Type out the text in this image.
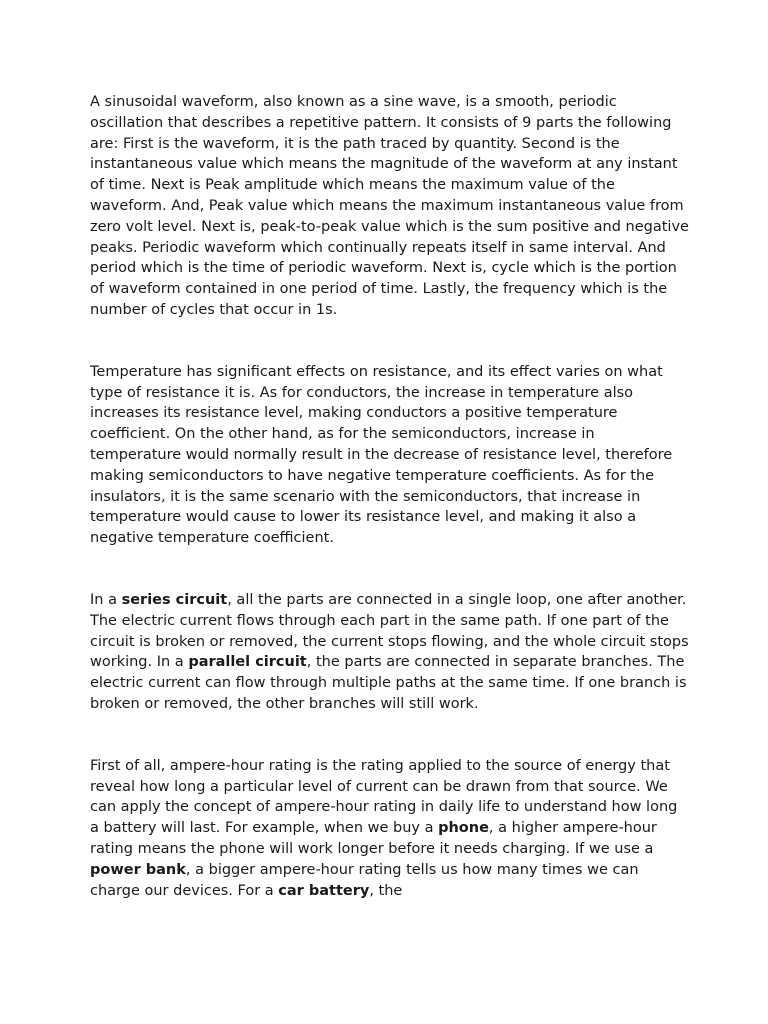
A sinusoidal waveform, also known as a sine wave, is a smooth, periodic oscillation that describes a repetitive pattern. It consists of 9 parts the following are: First is the waveform, it is the path traced by quantity. Second is the instantaneous value which means the magnitude of the waveform at any instant of time. Next is Peak amplitude which means the maximum value of the waveform. And, Peak value which means the maximum instantaneous value from zero volt level. Next is, peak-to-peak value which is the sum positive and negative peaks. Periodic waveform which continually repeats itself in same interval. And period which is the time of periodic waveform. Next is, cycle which is the portion of waveform contained in one period of time. Lastly, the frequency which is the number of cycles that occur in 1s.

Temperature has significant effects on resistance, and its effect varies on what type of resistance it is. As for conductors, the increase in temperature also increases its resistance level, making conductors a positive temperature coefficient. On the other hand, as for the semiconductors, increase in temperature would normally result in the decrease of resistance level, therefore making semiconductors to have negative temperature coefficients. As for the insulators, it is the same scenario with the semiconductors, that increase in temperature would cause to lower its resistance level, and making it also a negative temperature coefficient.

In a series circuit, all the parts are connected in a single loop, one after another. The electric current flows through each part in the same path. If one part of the circuit is broken or removed, the current stops flowing, and the whole circuit stops working. In a parallel circuit, the parts are connected in separate branches. The electric current can flow through multiple paths at the same time. If one branch is broken or removed, the other branches will still work.

First of all, ampere-hour rating is the rating applied to the source of energy that reveal how long a particular level of current can be drawn from that source. We can apply the concept of ampere-hour rating in daily life to understand how long a battery will last. For example, when we buy a phone, a higher ampere-hour rating means the phone will work longer before it needs charging. If we use a power bank, a bigger ampere-hour rating tells us how many times we can charge our devices. For a car battery, the
